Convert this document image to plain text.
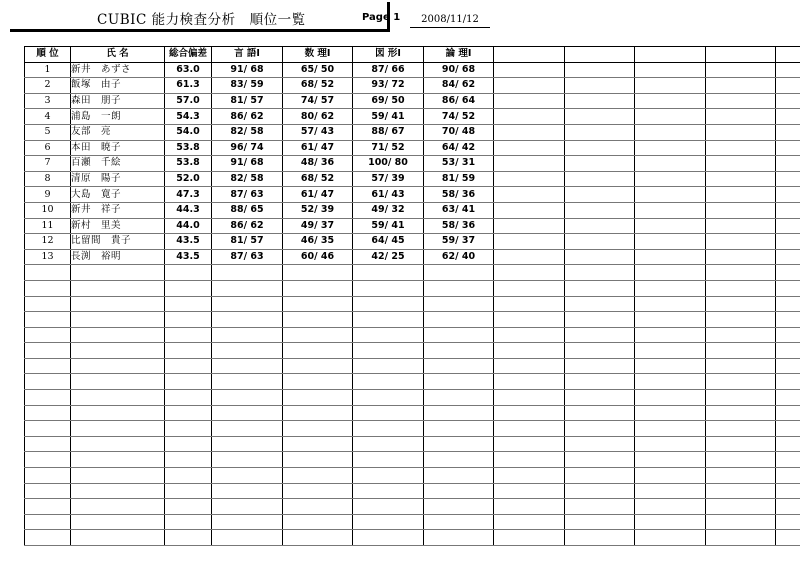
CUBIC 能力検査分析　順位一覧	Page 1	2008/11/12
順 位	氏 名	総合偏差	言 語Ⅰ	数 理Ⅰ	図 形Ⅰ	論 理Ⅰ					
1	新井　あずさ	63.0	91/ 68	65/ 50	87/ 66	90/ 68					
2	飯塚　由子	61.3	83/ 59	68/ 52	93/ 72	84/ 62					
3	森田　朋子	57.0	81/ 57	74/ 57	69/ 50	86/ 64					
4	浦島　一朗	54.3	86/ 62	80/ 62	59/ 41	74/ 52					
5	友部　亮	54.0	82/ 58	57/ 43	88/ 67	70/ 48					
6	本田　暁子	53.8	96/ 74	61/ 47	71/ 52	64/ 42					
7	百瀬　千絵	53.8	91/ 68	48/ 36	100/ 80	53/ 31					
8	清原　陽子	52.0	82/ 58	68/ 52	57/ 39	81/ 59					
9	大島　寛子	47.3	87/ 63	61/ 47	61/ 43	58/ 36					
10	新井　祥子	44.3	88/ 65	52/ 39	49/ 32	63/ 41					
11	新村　里美	44.0	86/ 62	49/ 37	59/ 41	58/ 36					
12	比留間　貴子	43.5	81/ 57	46/ 35	64/ 45	59/ 37					
13	長渕　裕明	43.5	87/ 63	60/ 46	42/ 25	62/ 40					
